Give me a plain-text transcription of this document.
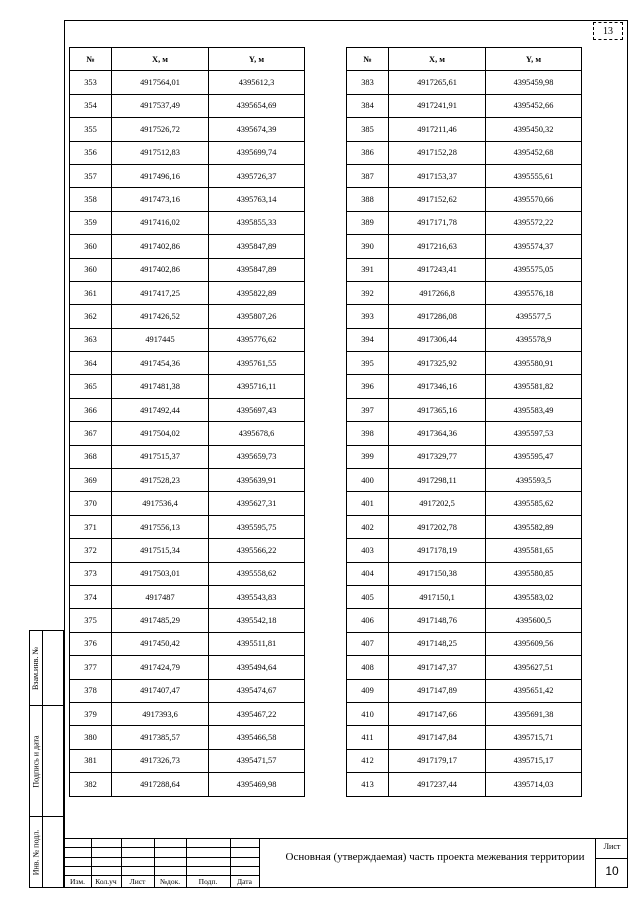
13
№	X, м	Y, м
353	4917564,01	4395612,3
354	4917537,49	4395654,69
355	4917526,72	4395674,39
356	4917512,83	4395699,74
357	4917496,16	4395726,37
358	4917473,16	4395763,14
359	4917416,02	4395855,33
360	4917402,86	4395847,89
360	4917402,86	4395847,89
361	4917417,25	4395822,89
362	4917426,52	4395807,26
363	4917445	4395776,62
364	4917454,36	4395761,55
365	4917481,38	4395716,11
366	4917492,44	4395697,43
367	4917504,02	4395678,6
368	4917515,37	4395659,73
369	4917528,23	4395639,91
370	4917536,4	4395627,31
371	4917556,13	4395595,75
372	4917515,34	4395566,22
373	4917503,01	4395558,62
374	4917487	4395543,83
375	4917485,29	4395542,18
376	4917450,42	4395511,81
377	4917424,79	4395494,64
378	4917407,47	4395474,67
379	4917393,6	4395467,22
380	4917385,57	4395466,58
381	4917326,73	4395471,57
382	4917288,64	4395469,98
№	X, м	Y, м
383	4917265,61	4395459,98
384	4917241,91	4395452,66
385	4917211,46	4395450,32
386	4917152,28	4395452,68
387	4917153,37	4395555,61
388	4917152,62	4395570,66
389	4917171,78	4395572,22
390	4917216,63	4395574,37
391	4917243,41	4395575,05
392	4917266,8	4395576,18
393	4917286,08	4395577,5
394	4917306,44	4395578,9
395	4917325,92	4395580,91
396	4917346,16	4395581,82
397	4917365,16	4395583,49
398	4917364,36	4395597,53
399	4917329,77	4395595,47
400	4917298,11	4395593,5
401	4917202,5	4395585,62
402	4917202,78	4395582,89
403	4917178,19	4395581,65
404	4917150,38	4395580,85
405	4917150,1	4395583,02
406	4917148,76	4395600,5
407	4917148,25	4395609,56
408	4917147,37	4395627,51
409	4917147,89	4395651,42
410	4917147,66	4395691,38
411	4917147,84	4395715,71
412	4917179,17	4395715,17
413	4917237,44	4395714,03
Взам.инв. №
Подпись и дата
Инв. № подл.
Изм.	Кол.уч	Лист	№док.	Подп.	Дата
Основная (утверждаемая) часть проекта межевания территории
Лист
10
